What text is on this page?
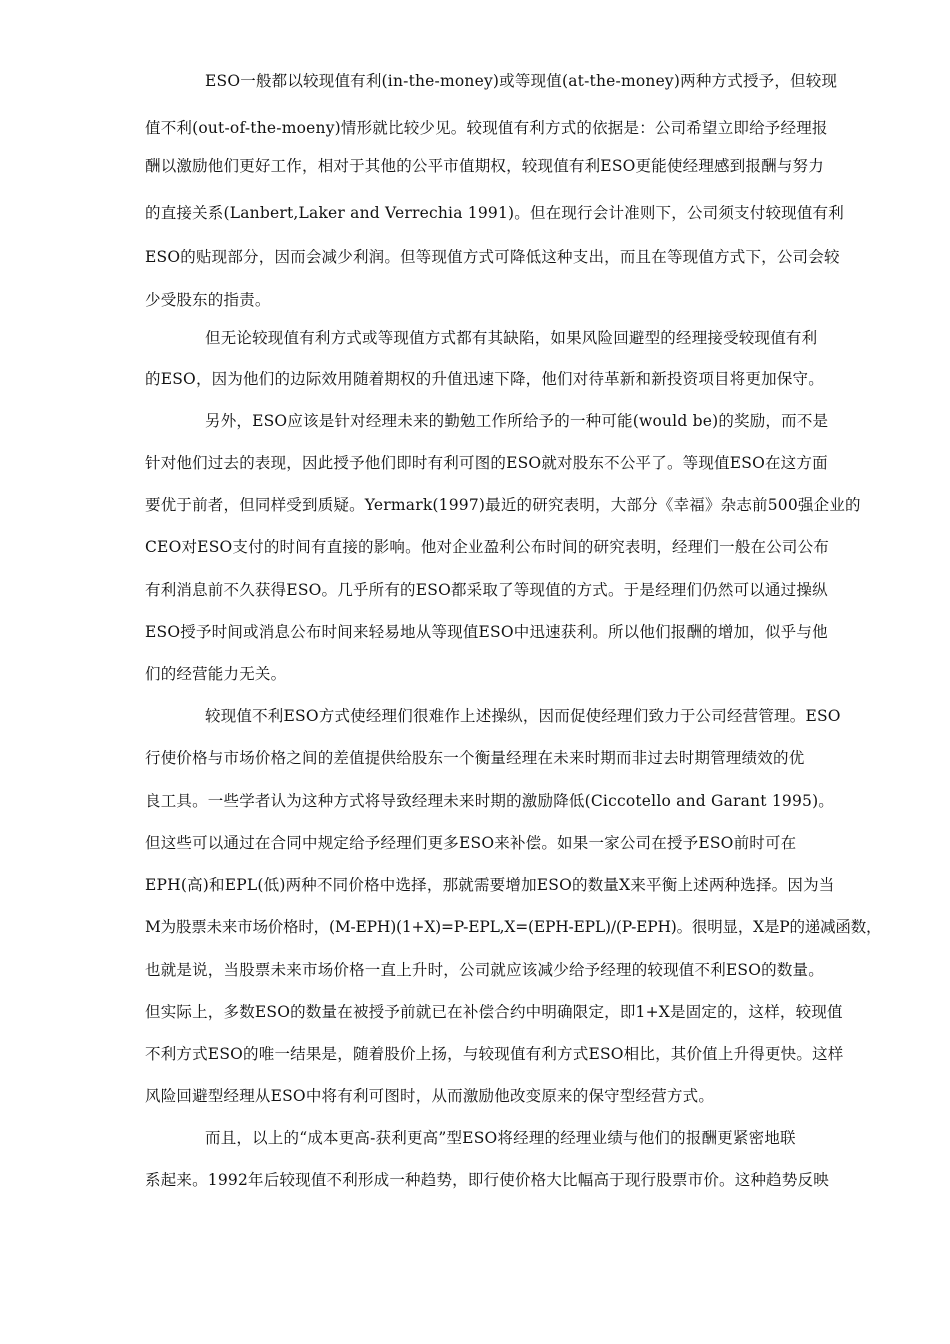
ESO一般都以较现值有利(in-the-money)或等现值(at-the-money)两种方式授予，但较现
值不利(out-of-the-moeny)情形就比较少见。较现值有利方式的依据是：公司希望立即给予经理报
酬以激励他们更好工作，相对于其他的公平市值期权，较现值有利ESO更能使经理感到报酬与努力
的直接关系(Lanbert,Laker and Verrechia 1991)。但在现行会计准则下，公司须支付较现值有利
ESO的贴现部分，因而会减少利润。但等现值方式可降低这种支出，而且在等现值方式下，公司会较
少受股东的指责。
但无论较现值有利方式或等现值方式都有其缺陷，如果风险回避型的经理接受较现值有利
的ESO，因为他们的边际效用随着期权的升值迅速下降，他们对待革新和新投资项目将更加保守。
另外，ESO应该是针对经理未来的勤勉工作所给予的一种可能(would be)的奖励，而不是
针对他们过去的表现，因此授予他们即时有利可图的ESO就对股东不公平了。等现值ESO在这方面
要优于前者，但同样受到质疑。Yermark(1997)最近的研究表明，大部分《幸福》杂志前500强企业的
CEO对ESO支付的时间有直接的影响。他对企业盈利公布时间的研究表明，经理们一般在公司公布
有利消息前不久获得ESO。几乎所有的ESO都采取了等现值的方式。于是经理们仍然可以通过操纵
ESO授予时间或消息公布时间来轻易地从等现值ESO中迅速获利。所以他们报酬的增加，似乎与他
们的经营能力无关。
较现值不利ESO方式使经理们很难作上述操纵，因而促使经理们致力于公司经营管理。ESO
行使价格与市场价格之间的差值提供给股东一个衡量经理在未来时期而非过去时期管理绩效的优
良工具。一些学者认为这种方式将导致经理未来时期的激励降低(Ciccotello and Garant 1995)。
但这些可以通过在合同中规定给予经理们更多ESO来补偿。如果一家公司在授予ESO前时可在
EPH(高)和EPL(低)两种不同价格中选择，那就需要增加ESO的数量X来平衡上述两种选择。因为当
M为股票未来市场价格时，(M-EPH)(1+X)=P-EPL,X=(EPH-EPL)/(P-EPH)。很明显，X是P的递减函数，
也就是说，当股票未来市场价格一直上升时，公司就应该减少给予经理的较现值不利ESO的数量。
但实际上，多数ESO的数量在被授予前就已在补偿合约中明确限定，即1+X是固定的，这样，较现值
不利方式ESO的唯一结果是，随着股价上扬，与较现值有利方式ESO相比，其价值上升得更快。这样
风险回避型经理从ESO中将有利可图时，从而激励他改变原来的保守型经营方式。
而且，以上的“成本更高-获利更高”型ESO将经理的经理业绩与他们的报酬更紧密地联
系起来。1992年后较现值不利形成一种趋势，即行使价格大比幅高于现行股票市价。这种趋势反映
